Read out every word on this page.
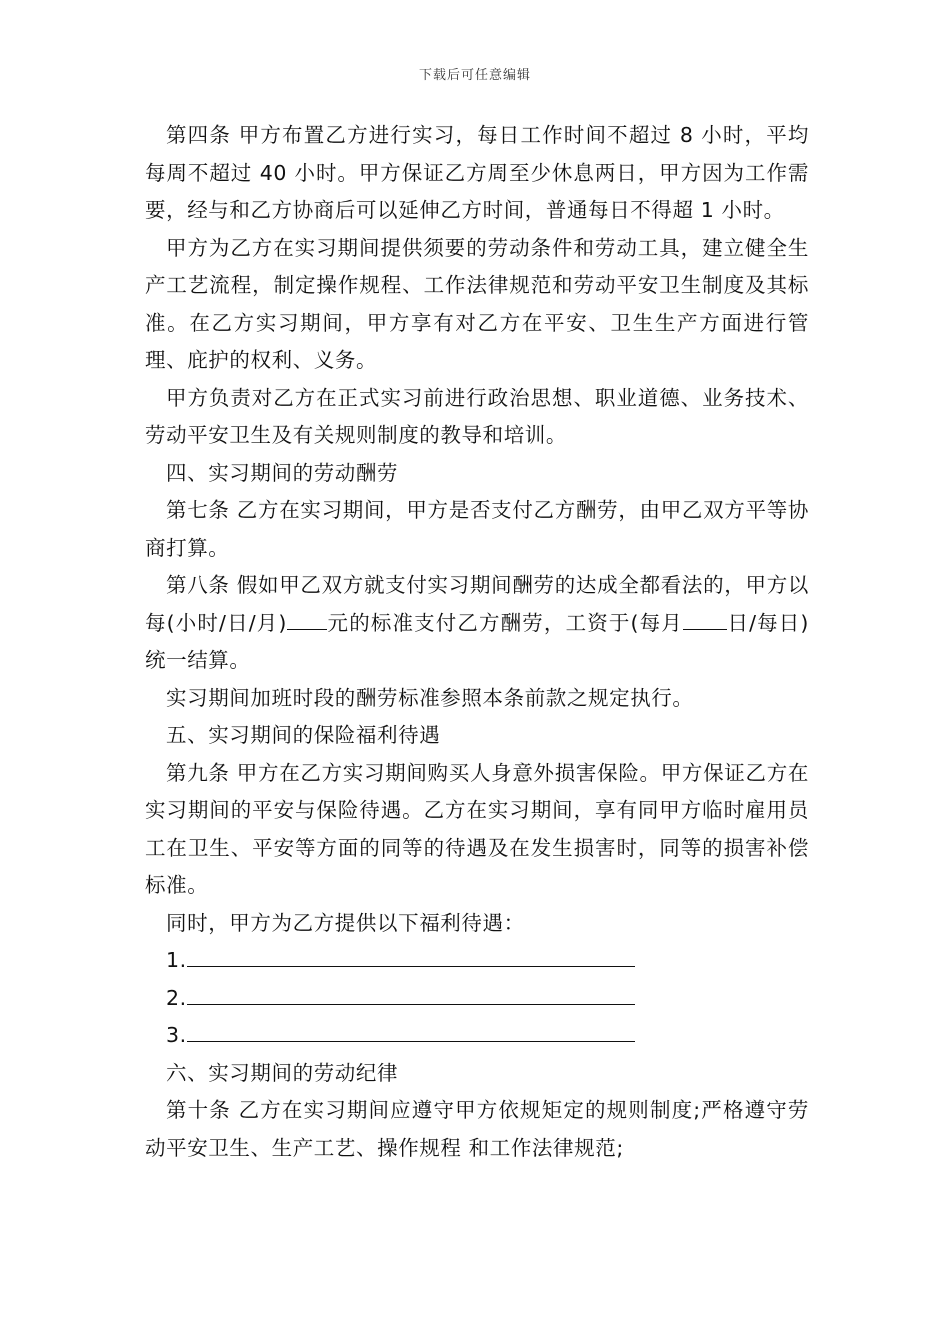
下载后可任意编辑

第四条 甲方布置乙方进行实习，每日工作时间不超过 8 小时，平均每周不超过 40 小时。甲方保证乙方周至少休息两日，甲方因为工作需要，经与和乙方协商后可以延伸乙方时间，普通每日不得超 1 小时。

甲方为乙方在实习期间提供须要的劳动条件和劳动工具，建立健全生产工艺流程，制定操作规程、工作法律规范和劳动平安卫生制度及其标准。在乙方实习期间，甲方享有对乙方在平安、卫生生产方面进行管理、庇护的权利、义务。

甲方负责对乙方在正式实习前进行政治思想、职业道德、业务技术、劳动平安卫生及有关规则制度的教导和培训。

四、实习期间的劳动酬劳

第七条 乙方在实习期间，甲方是否支付乙方酬劳，由甲乙双方平等协商打算。

第八条 假如甲乙双方就支付实习期间酬劳的达成全都看法的，甲方以每(小时/日/月) 元的标准支付乙方酬劳，工资于(每月 日/每日)统一结算。

实习期间加班时段的酬劳标准参照本条前款之规定执行。

五、实习期间的保险福利待遇

第九条 甲方在乙方实习期间购买人身意外损害保险。甲方保证乙方在实习期间的平安与保险待遇。乙方在实习期间，享有同甲方临时雇用员工在卫生、平安等方面的同等的待遇及在发生损害时，同等的损害补偿标准。

同时，甲方为乙方提供以下福利待遇：

1.

2.

3.

六、实习期间的劳动纪律

第十条 乙方在实习期间应遵守甲方依规矩定的规则制度;严格遵守劳动平安卫生、生产工艺、操作规程 和工作法律规范;
